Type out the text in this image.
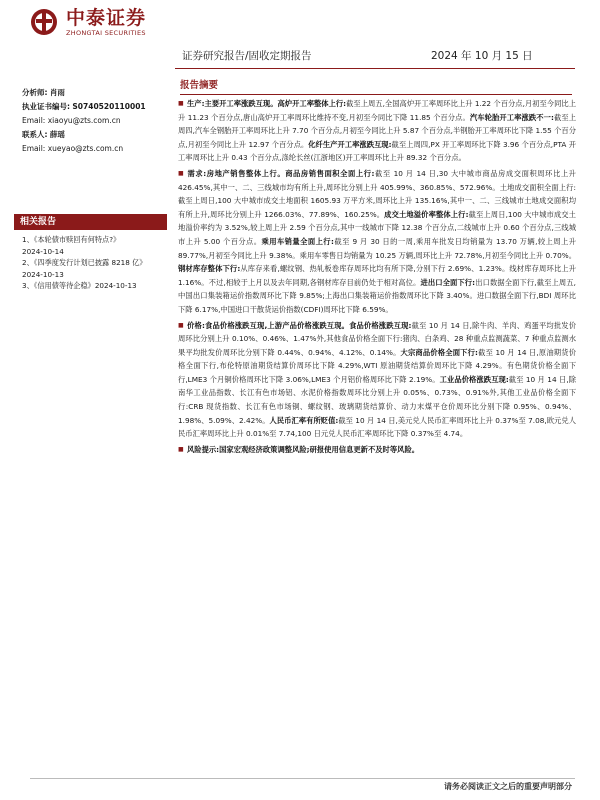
中泰证券
ZHONGTAI SECURITIES
证券研究报告/固收定期报告	2024 年 10 月 15 日
分析师: 肖雨
执业证书编号: S0740520110001
Email: xiaoyu@zts.com.cn
联系人: 薛瑶
Email: xueyao@zts.com.cn
相关报告
1、《本轮债市赎回有何特点?》
2024-10-14
2、《四季度发行计划已披露 8218 亿》
2024-10-13
3、《信用债等待企稳》2024-10-13
报告摘要

■ 生产:主要开工率涨跌互现。高炉开工率整体上行:截至上周五,全国高炉开工率周环比上升 1.22 个百分点,月初至今同比上升 11.23 个百分点,唐山高炉开工率周环比维持不变,月初至今同比下降 11.85 个百分点。汽车轮胎开工率涨跌不一:截至上周四,汽车全钢胎开工率周环比上升 7.70 个百分点,月初至今同比上升 5.87 个百分点,半钢胎开工率周环比下降 1.55 个百分点,月初至今同比上升 12.97 个百分点。化纤生产开工率涨跌互现:截至上周四,PX 开工率周环比下降 3.96 个百分点,PTA 开工率周环比上升 0.43 个百分点,涤纶长丝(江浙地区)开工率周环比上升 89.32 个百分点。

■ 需求:房地产销售整体上行。商品房销售面积全面上行:截至 10 月 14 日,30 大中城市商品房成交面积周环比上升 426.45%,其中一、二、三线城市均有所上升,周环比分别上升 405.99%、360.85%、572.96%。土地成交面积全面上行:截至上周日,100 大中城市成交土地面积 1605.93 万平方米,周环比上升 135.16%,其中一、二、三线城市土地成交面积均有所上升,周环比分别上升 1266.03%、77.89%、160.25%。成交土地溢价率整体上行:截至上周日,100 大中城市成交土地溢价率约为 3.52%,较上周上升 2.59 个百分点,其中一线城市下降 12.38 个百分点,二线城市上升 0.60 个百分点,三线城市上升 5.00 个百分点。乘用车销量全面上行:截至 9 月 30 日的一周,乘用车批发日均销量为 13.70 万辆,较上周上升 89.77%,月初至今同比上升 9.38%。乘用车零售日均销量为 10.25 万辆,周环比上升 72.78%,月初至今同比上升 0.70%。钢材库存整体下行:从库存来看,螺纹钢、热轧板卷库存周环比均有所下降,分别下行 2.69%、1.23%。线材库存周环比上升 1.16%。不过,相较于上月以及去年同期,各钢材库存目前仍处于相对高位。进出口全面下行:出口数据全面下行,截至上周五,中国出口集装箱运价指数周环比下降 9.85%;上海出口集装箱运价指数周环比下降 3.40%。进口数据全面下行,BDI 周环比下降 6.17%,中国进口干散货运价指数(CDFI)周环比下降 6.59%。

■ 价格:食品价格涨跌互现,上游产品价格涨跌互现。食品价格涨跌互现:截至 10 月 14 日,除牛肉、羊肉、鸡蛋平均批发价周环比分别上升 0.10%、0.46%、1.47%外,其他食品价格全面下行:猪肉、白条鸡、28 种重点监测蔬菜、7 种重点监测水果平均批发价周环比分别下降 0.44%、0.94%、4.12%、0.14%。大宗商品价格全面下行:截至 10 月 14 日,原油期货价格全面下行,布伦特原油期货结算价周环比下降 4.29%,WTI 原油期货结算价周环比下降 4.29%。有色期货价格全面下行,LME3 个月铜价格周环比下降 3.06%,LME3 个月铝价格周环比下降 2.19%。工业品价格涨跌互现:截至 10 月 14 日,除南华工业品指数、长江有色市场铝、水泥价格指数周环比分别上升 0.05%、0.73%、0.91%外,其他工业品价格全面下行:CRB 现货指数、长江有色市场铜、螺纹钢、玻璃期货结算价、动力末煤平仓价周环比分别下降 0.95%、0.94%、1.98%、5.09%、2.42%。人民币汇率有所贬值:截至 10 月 14 日,美元兑人民币汇率周环比上升 0.37%至 7.08,欧元兑人民币汇率周环比上升 0.01%至 7.74,100 日元兑人民币汇率周环比下降 0.37%至 4.74。

■ 风险提示:国家宏观经济政策调整风险;研报使用信息更新不及时等风险。

请务必阅读正文之后的重要声明部分
